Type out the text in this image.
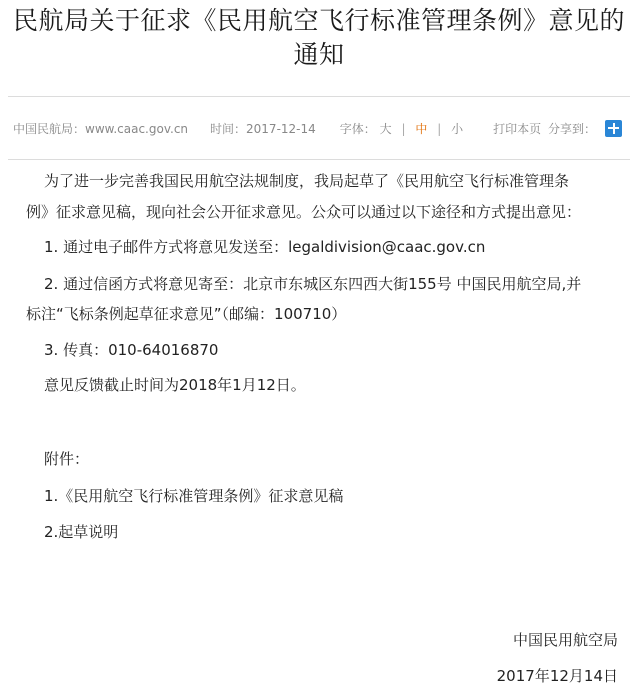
民航局关于征求《民用航空飞行标准管理条例》意见的通知
中国民航局：www.caac.gov.cn 时间：2017-12-14 字体： 大 | 中 | 小	打印本页 分享到：
为了进一步完善我国民用航空法规制度，我局起草了《民用航空飞行标准管理条
例》征求意见稿，现向社会公开征求意见。公众可以通过以下途径和方式提出意见：
1. 通过电子邮件方式将意见发送至：legaldivision@caac.gov.cn
2. 通过信函方式将意见寄至：北京市东城区东四西大街155号 中国民用航空局,并
标注“飞标条例起草征求意见”（邮编：100710）
3. 传真：010-64016870
意见反馈截止时间为2018年1月12日。
附件：
1.《民用航空飞行标准管理条例》征求意见稿
2.起草说明
中国民用航空局
2017年12月14日
